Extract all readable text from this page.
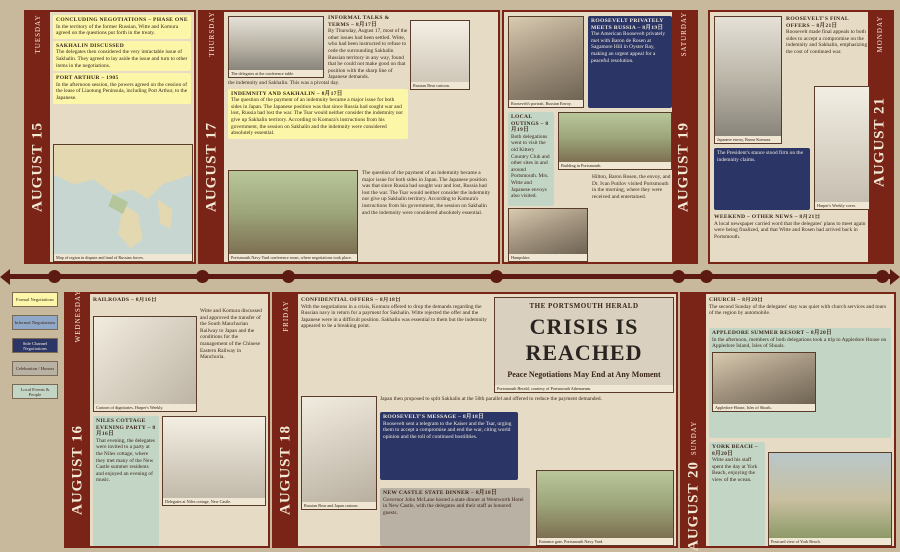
Formal Negotiations
Informal Negotiations
Side Channel Negotiations
Celebration / Honors
Local Events & People
TUESDAY
AUGUST 15
CONCLUDING NEGOTIATIONS – PHASE ONE
In the territory of the former Russian, Witte and Komura agreed on the questions put forth in the treaty.
SAKHALIN DISCUSSED
The delegates then considered the very intractable issue of Sakhalin. They agreed to lay aside the issue and turn to other items in the negotiations.
PORT ARTHUR – 1905
In the afternoon session, the powers agreed on the cession of the lease of Liaotung Peninsula, including Port Arthur, to the Japanese.
Map of region in dispute and land of Russian forces.
THURSDAY
AUGUST 17
The delegates at the conference table.
INFORMAL TALKS & TERMS – 8月17日
By Thursday, August 17, most of the other issues had been settled. Witte, who had been instructed to refuse to cede the surrounding Sakhalin Russian territory in any way, found that he could not make good on that position with the sharp line of Japanese demands.
Russian Bear cartoon.
the indemnity and Sakhalin. This was a pivotal day.
INDEMNITY AND SAKHALIN – 8月17日
The question of the payment of an indemnity became a major issue for both sides in Japan. The Japanese position was that since Russia had sought war and lost, Russia had lost the war. The Tsar would neither consider the indemnity nor give up Sakhalin territory. According to Komura's instructions from his government, the session on Sakhalin and the indemnity were considered absolutely essential.
Portsmouth Navy Yard conference room, where negotiations took place.
The question of the payment of an indemnity became a major issue for both sides in Japan. The Japanese position was that since Russia had sought war and lost, Russia had lost the war. The Tsar would neither consider the indemnity nor give up Sakhalin territory. According to Komura's instructions from his government, the session on Sakhalin and the indemnity were considered absolutely essential.
SATURDAY
AUGUST 19
Roosevelt's portrait, Russian Envoy.
ROOSEVELT PRIVATELY MEETS RUSSIA – 8月19日
The American Roosevelt privately met with Baron de Rosen at Sagamore Hill in Oyster Bay, making an urgent appeal for a peaceful resolution.
LOCAL OUTINGS – 8月19日
Both delegations went to visit the old Kittery Country Club and other sites in and around Portsmouth. Mrs. Witte and Japanese envoys also visited.
Building in Portsmouth.
Hampshire.
Hilton, Baron Rosen, the envoy, and Dr. Ivan Putilov visited Portsmouth in the morning, where they were received and entertained.
MONDAY
AUGUST 21
Japanese envoy, Baron Komura.
ROOSEVELT'S FINAL OFFERS – 8月21日
Roosevelt made final appeals to both sides to accept a compromise on the indemnity and Sakhalin, emphasizing the cost of continued war.
Harper's Weekly cover.
The President's stance stood firm on the indemnity claims.
WEEKEND – OTHER NEWS – 8月21日
A local newspaper carried word that the delegates' plans to meet again were being finalized, and that Witte and Rosen had arrived back in Portsmouth.
WEDNESDAY
AUGUST 16
RAILROADS – 8月16日
Cartoon of dignitaries, Harper's Weekly.
Witte and Komura discussed and approved the transfer of the South Manchurian Railway to Japan and the conditions for the management of the Chinese Eastern Railway in Manchuria.
NILES COTTAGE EVENING PARTY – 8月16日
That evening, the delegates were invited to a party at the Niles cottage, where they met many of the New Castle summer residents and enjoyed an evening of music.
Delegates at Niles cottage, New Castle.
FRIDAY
AUGUST 18
CONFIDENTIAL OFFERS – 8月18日
With the negotiations in a crisis, Komura offered to drop the demands regarding the Russian navy in return for a payment for Sakhalin. Witte rejected the offer and the Japanese were in a difficult position. Sakhalin was essential to them but the indemnity appeared to be a breaking point.
THE PORTSMOUTH HERALD
CRISIS IS REACHED
Peace Negotiations May End at Any Moment
Portsmouth Herald, courtesy of Portsmouth Athenaeum.
Russian Bear and Japan cartoon.
Japan then proposed to split Sakhalin at the 50th parallel and offered to reduce the payment demanded.
ROOSEVELT'S MESSAGE – 8月18日
Roosevelt sent a telegram to the Kaiser and the Tsar, urging them to accept a compromise and end the war, citing world opinion and the toll of continued hostilities.
Entrance gate, Portsmouth Navy Yard.
NEW CASTLE STATE DINNER – 8月18日
Governor John McLane hosted a state dinner at Wentworth Hotel in New Castle, with the delegates and their staff as honored guests.
SUNDAY
AUGUST 20
CHURCH – 8月20日
The second Sunday of the delegates' stay was quiet with church services and tours of the region by automobile.
APPLEDORE SUMMER RESORT – 8月20日
In the afternoon, members of both delegations took a trip to Appledore House on Appledore Island, Isles of Shoals.
Appledore House, Isles of Shoals.
YORK BEACH – 8月20日
Witte and his staff spent the day at York Beach, enjoying the view of the ocean.
Postcard view of York Beach.
